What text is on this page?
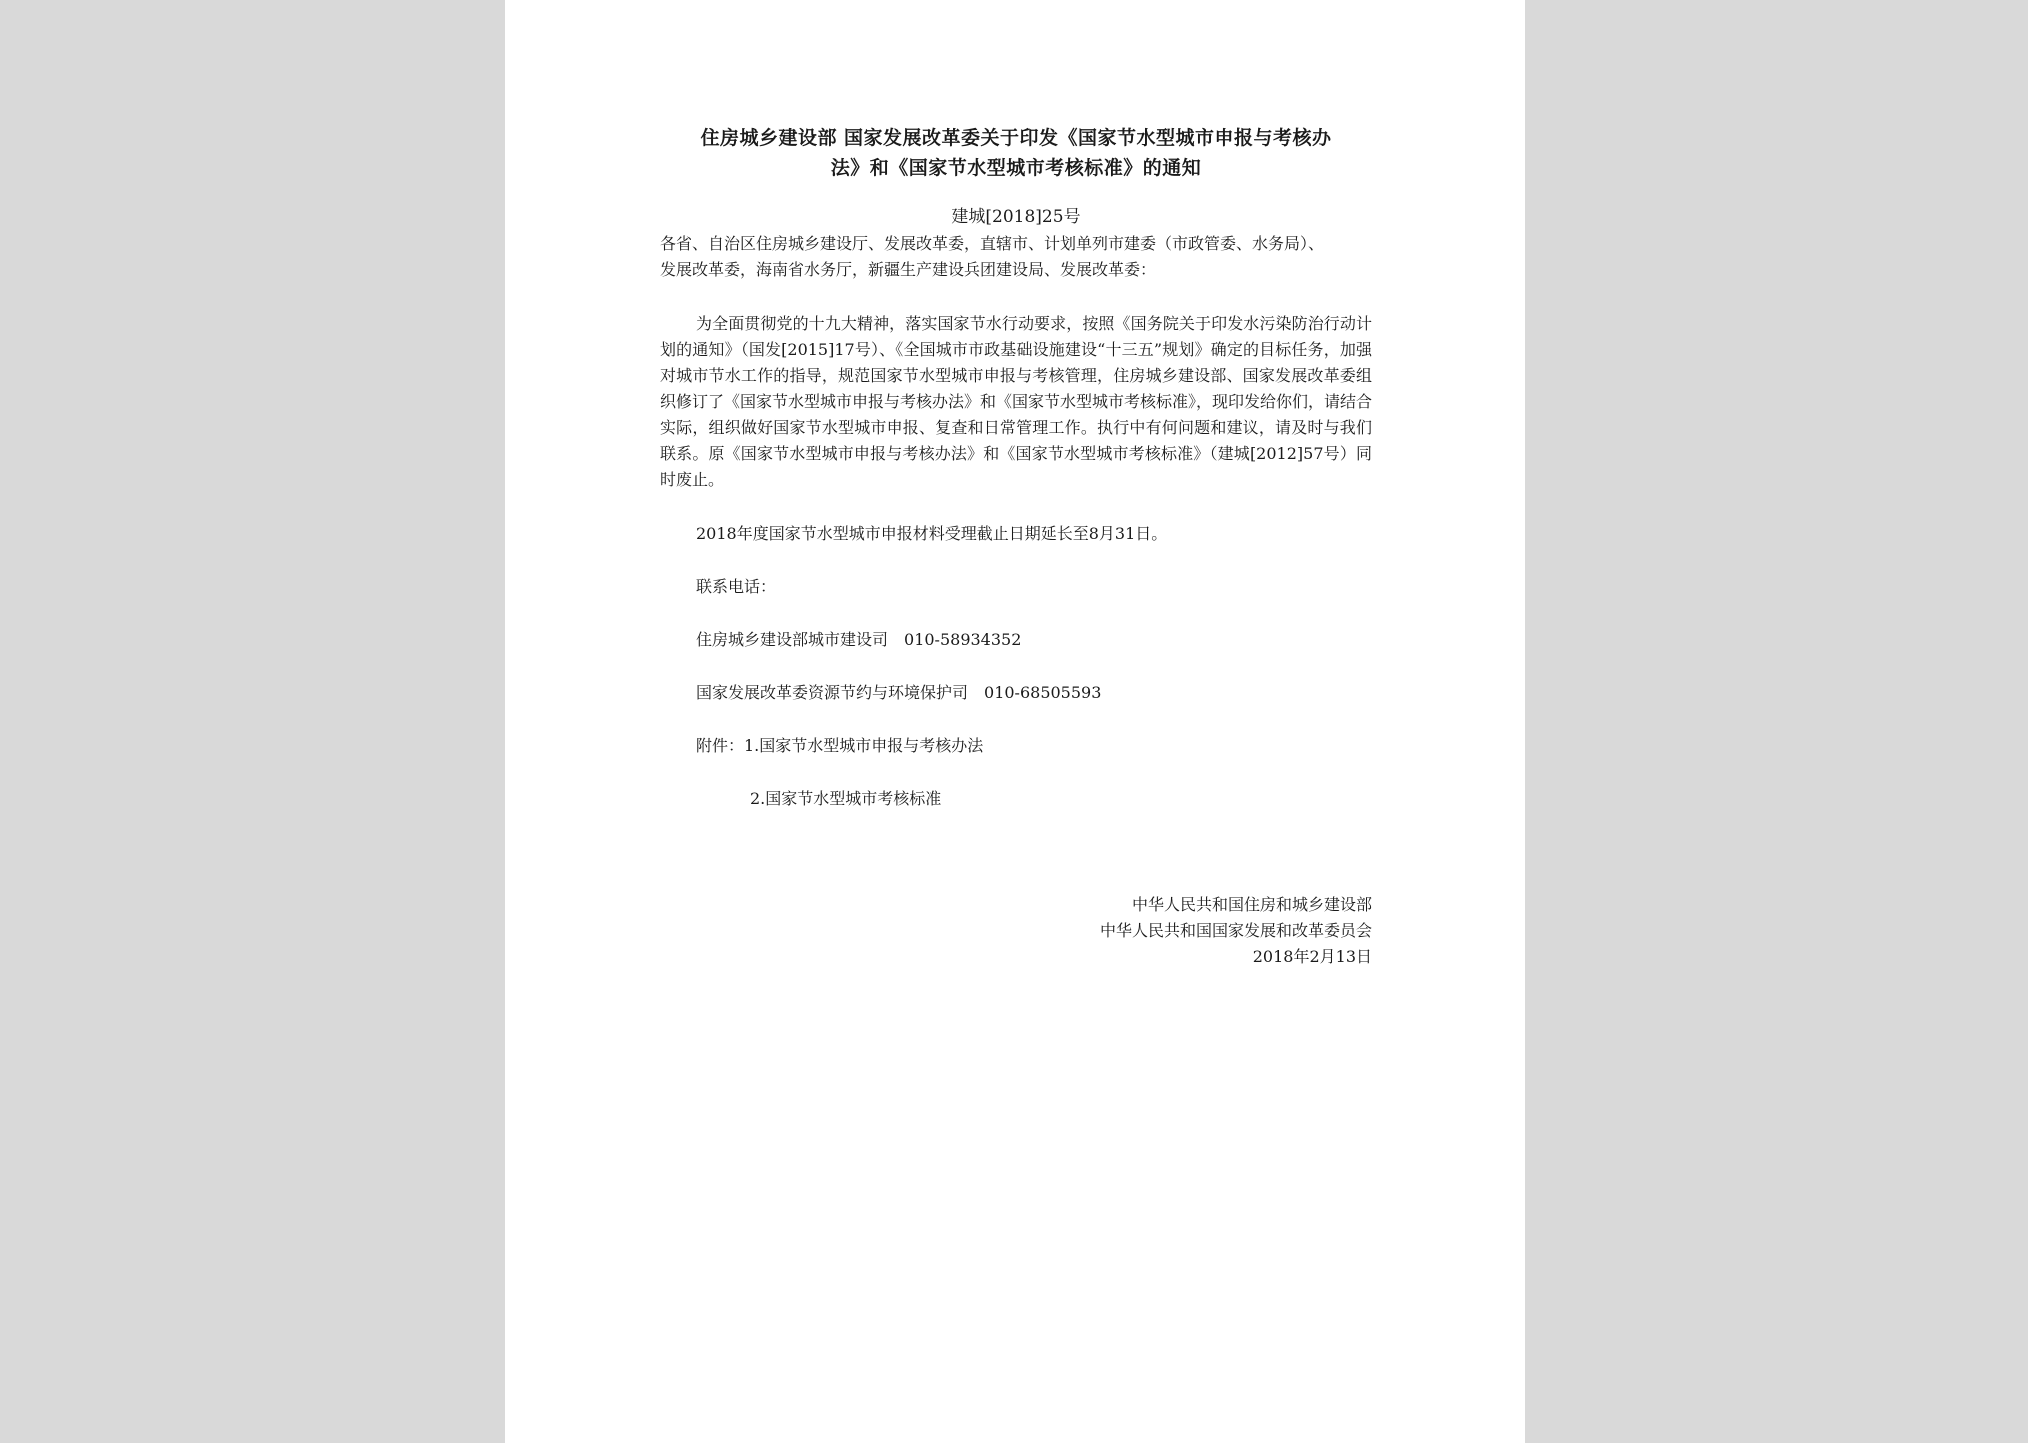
住房城乡建设部 国家发展改革委关于印发《国家节水型城市申报与考核办
法》和《国家节水型城市考核标准》的通知
建城[2018]25号
各省、自治区住房城乡建设厅、发展改革委，直辖市、计划单列市建委（市政管委、水务局）、
发展改革委，海南省水务厅，新疆生产建设兵团建设局、发展改革委：

为全面贯彻党的十九大精神，落实国家节水行动要求，按照《国务院关于印发水污染防治行动计划的通知》（国发[2015]17号）、《全国城市市政基础设施建设“十三五”规划》确定的目标任务，加强对城市节水工作的指导，规范国家节水型城市申报与考核管理，住房城乡建设部、国家发展改革委组织修订了《国家节水型城市申报与考核办法》和《国家节水型城市考核标准》，现印发给你们，请结合实际，组织做好国家节水型城市申报、复查和日常管理工作。执行中有何问题和建议，请及时与我们联系。原《国家节水型城市申报与考核办法》和《国家节水型城市考核标准》（建城[2012]57号）同时废止。

2018年度国家节水型城市申报材料受理截止日期延长至8月31日。

联系电话：

住房城乡建设部城市建设司 010-58934352

国家发展改革委资源节约与环境保护司 010-68505593

附件：1.国家节水型城市申报与考核办法

2.国家节水型城市考核标准

中华人民共和国住房和城乡建设部

中华人民共和国国家发展和改革委员会

2018年2月13日
